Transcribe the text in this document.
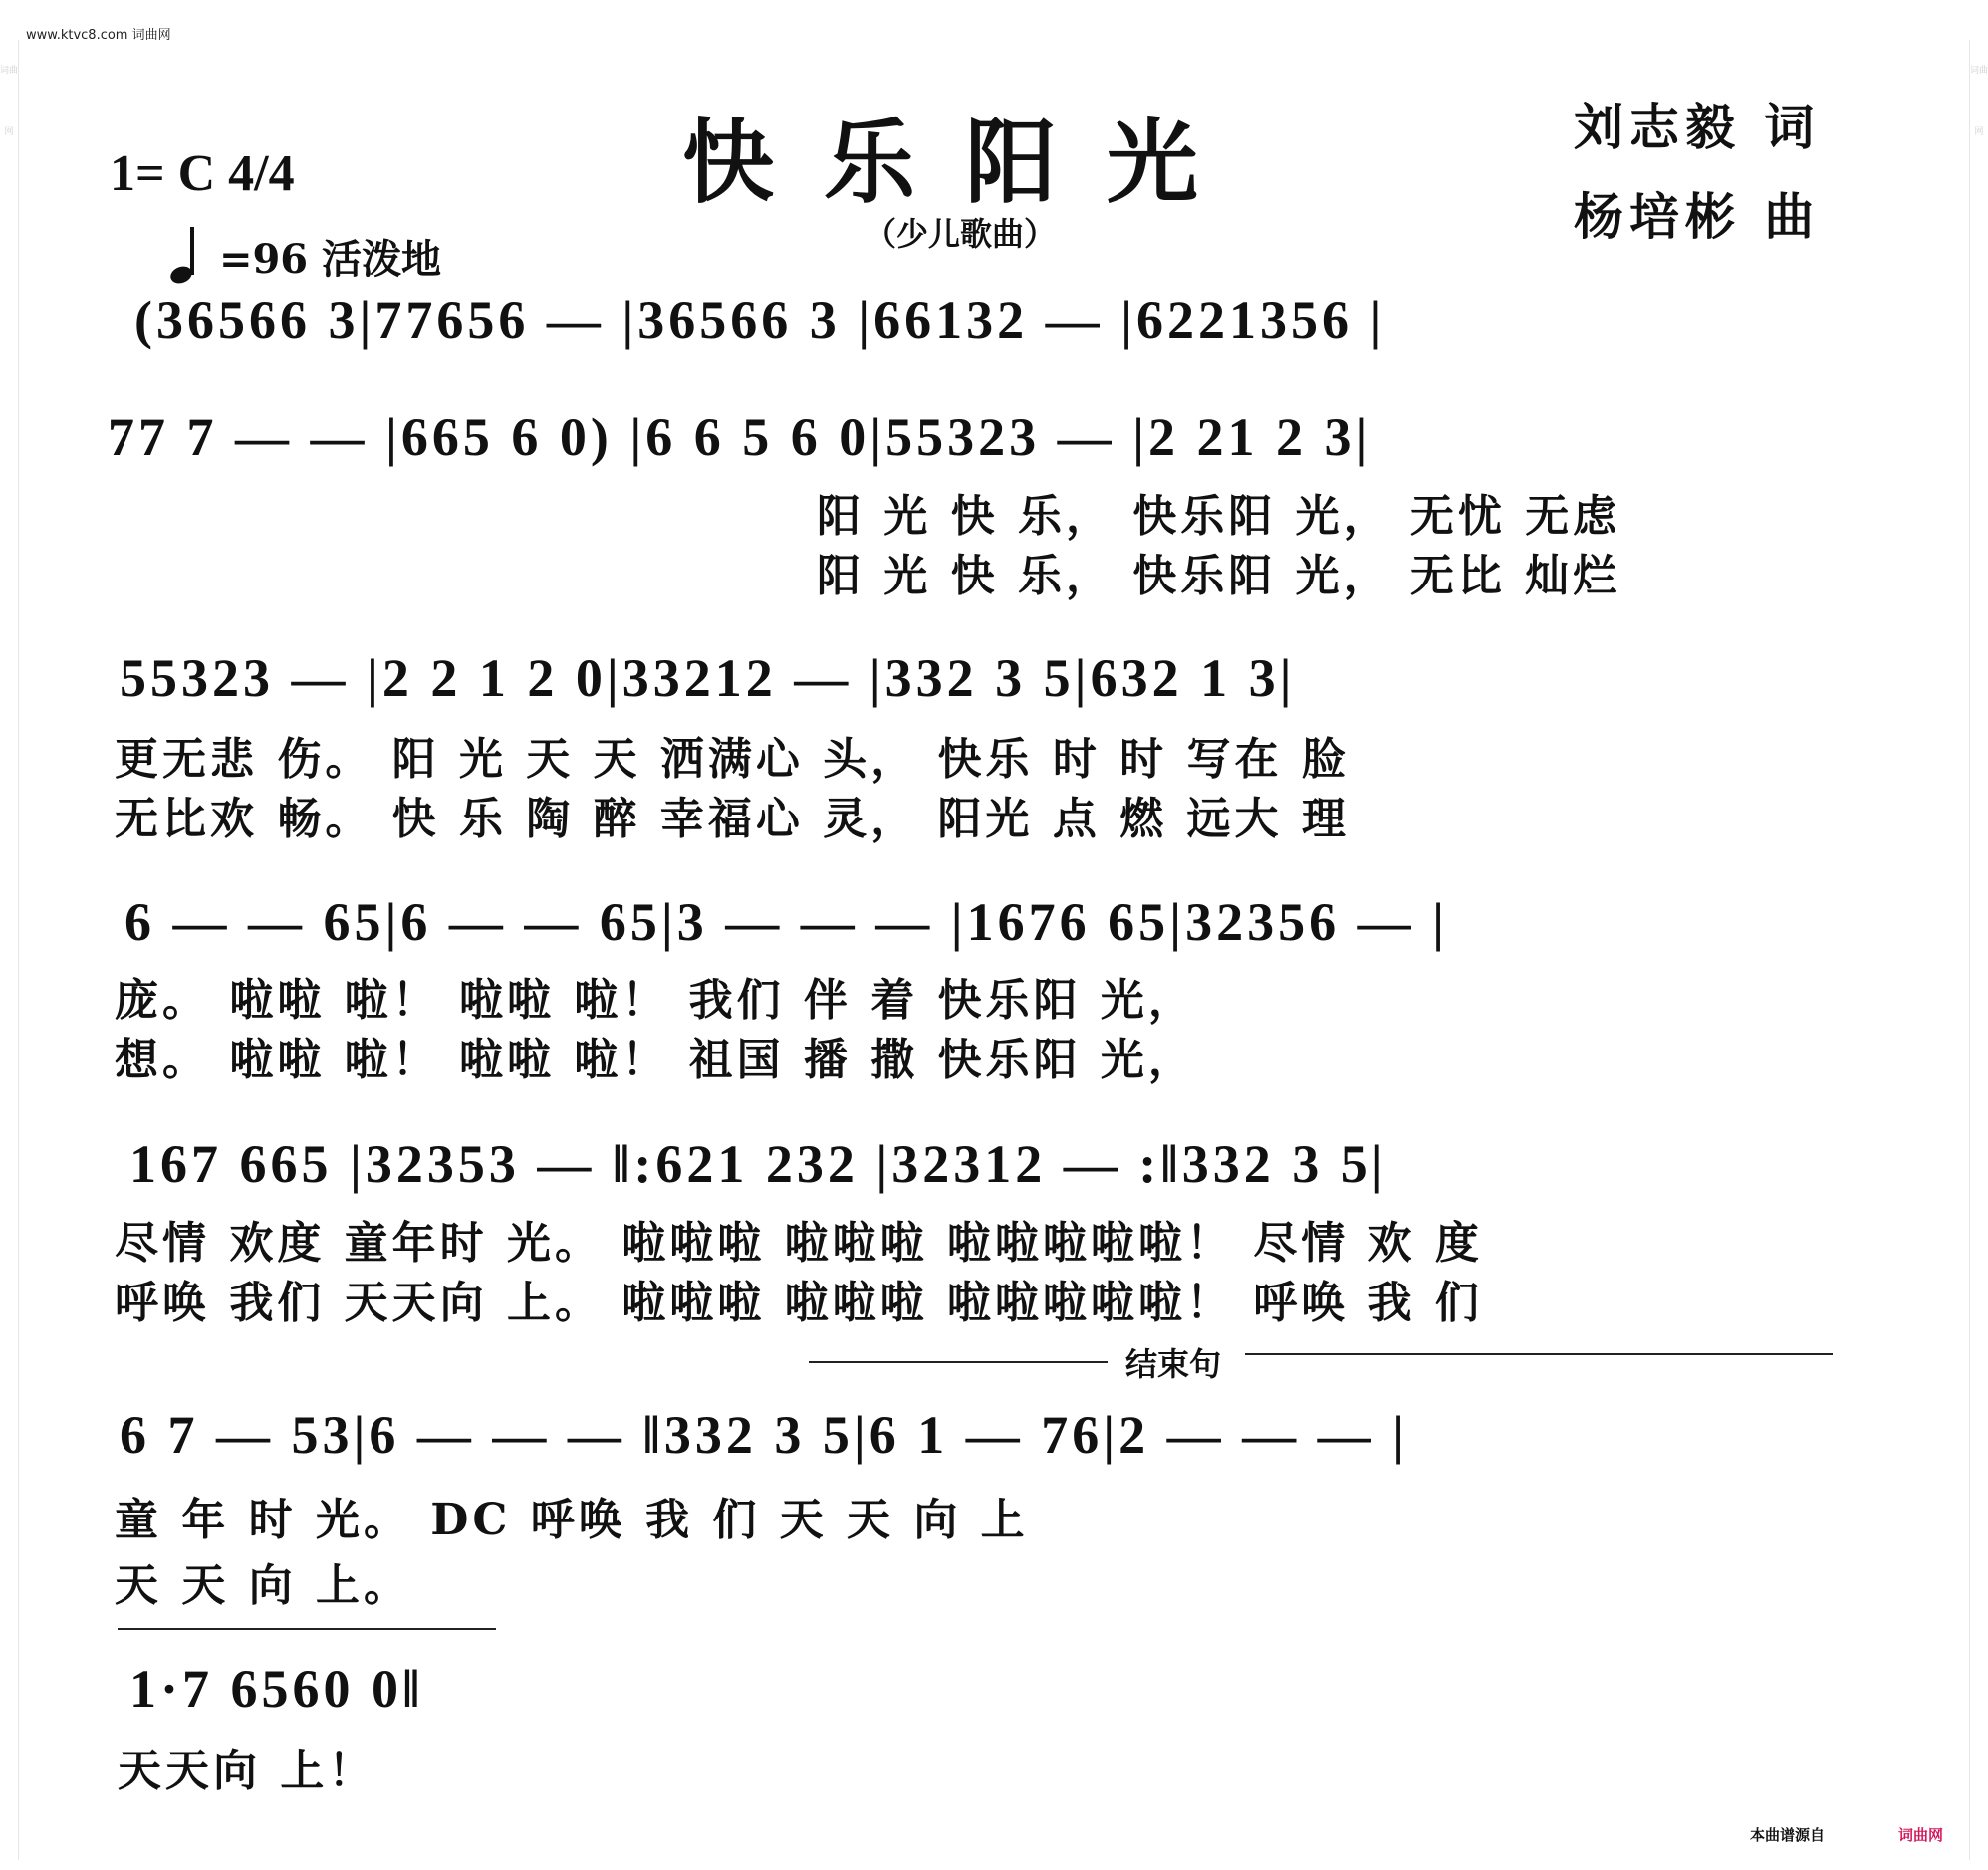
词曲网
词曲网
www.ktvc8.com 词曲网
快乐阳光
（少儿歌曲）
刘志毅 词
杨培彬 曲
1= C 4/4
=96 活泼地
(36566 3|77656 — |36566 3 |66132 — |6221356 |
77 7 — — |665 6 0) |6 6 5 6 0|55323 — |2 21 2 3|
阳 光 快 乐， 快乐阳 光， 无忧 无虑
阳 光 快 乐， 快乐阳 光， 无比 灿烂
55323 — |2 2 1 2 0|33212 — |332 3 5|632 1 3|
更无悲 伤。 阳 光 天 天 洒满心 头， 快乐 时 时 写在 脸
无比欢 畅。 快 乐 陶 醉 幸福心 灵， 阳光 点 燃 远大 理
6 — — 65|6 — — 65|3 — — — |1676 65|32356 — |
庞。 啦啦 啦！ 啦啦 啦！ 我们 伴 着 快乐阳 光，
想。 啦啦 啦！ 啦啦 啦！ 祖国 播 撒 快乐阳 光，
167 665 |32353 — ‖:621 232 |32312 — :‖332 3 5|
尽情 欢度 童年时 光。 啦啦啦 啦啦啦 啦啦啦啦啦！ 尽情 欢 度
呼唤 我们 天天向 上。 啦啦啦 啦啦啦 啦啦啦啦啦！ 呼唤 我 们
结束句
6 7 — 53|6 — — — ‖332 3 5|6 1 — 76|2 — — — |
童 年 时 光。 DC 呼唤 我 们 天 天 向 上
天 天 向 上。
1·7 6560 0‖
天天向 上！
本曲谱源自	词曲网
